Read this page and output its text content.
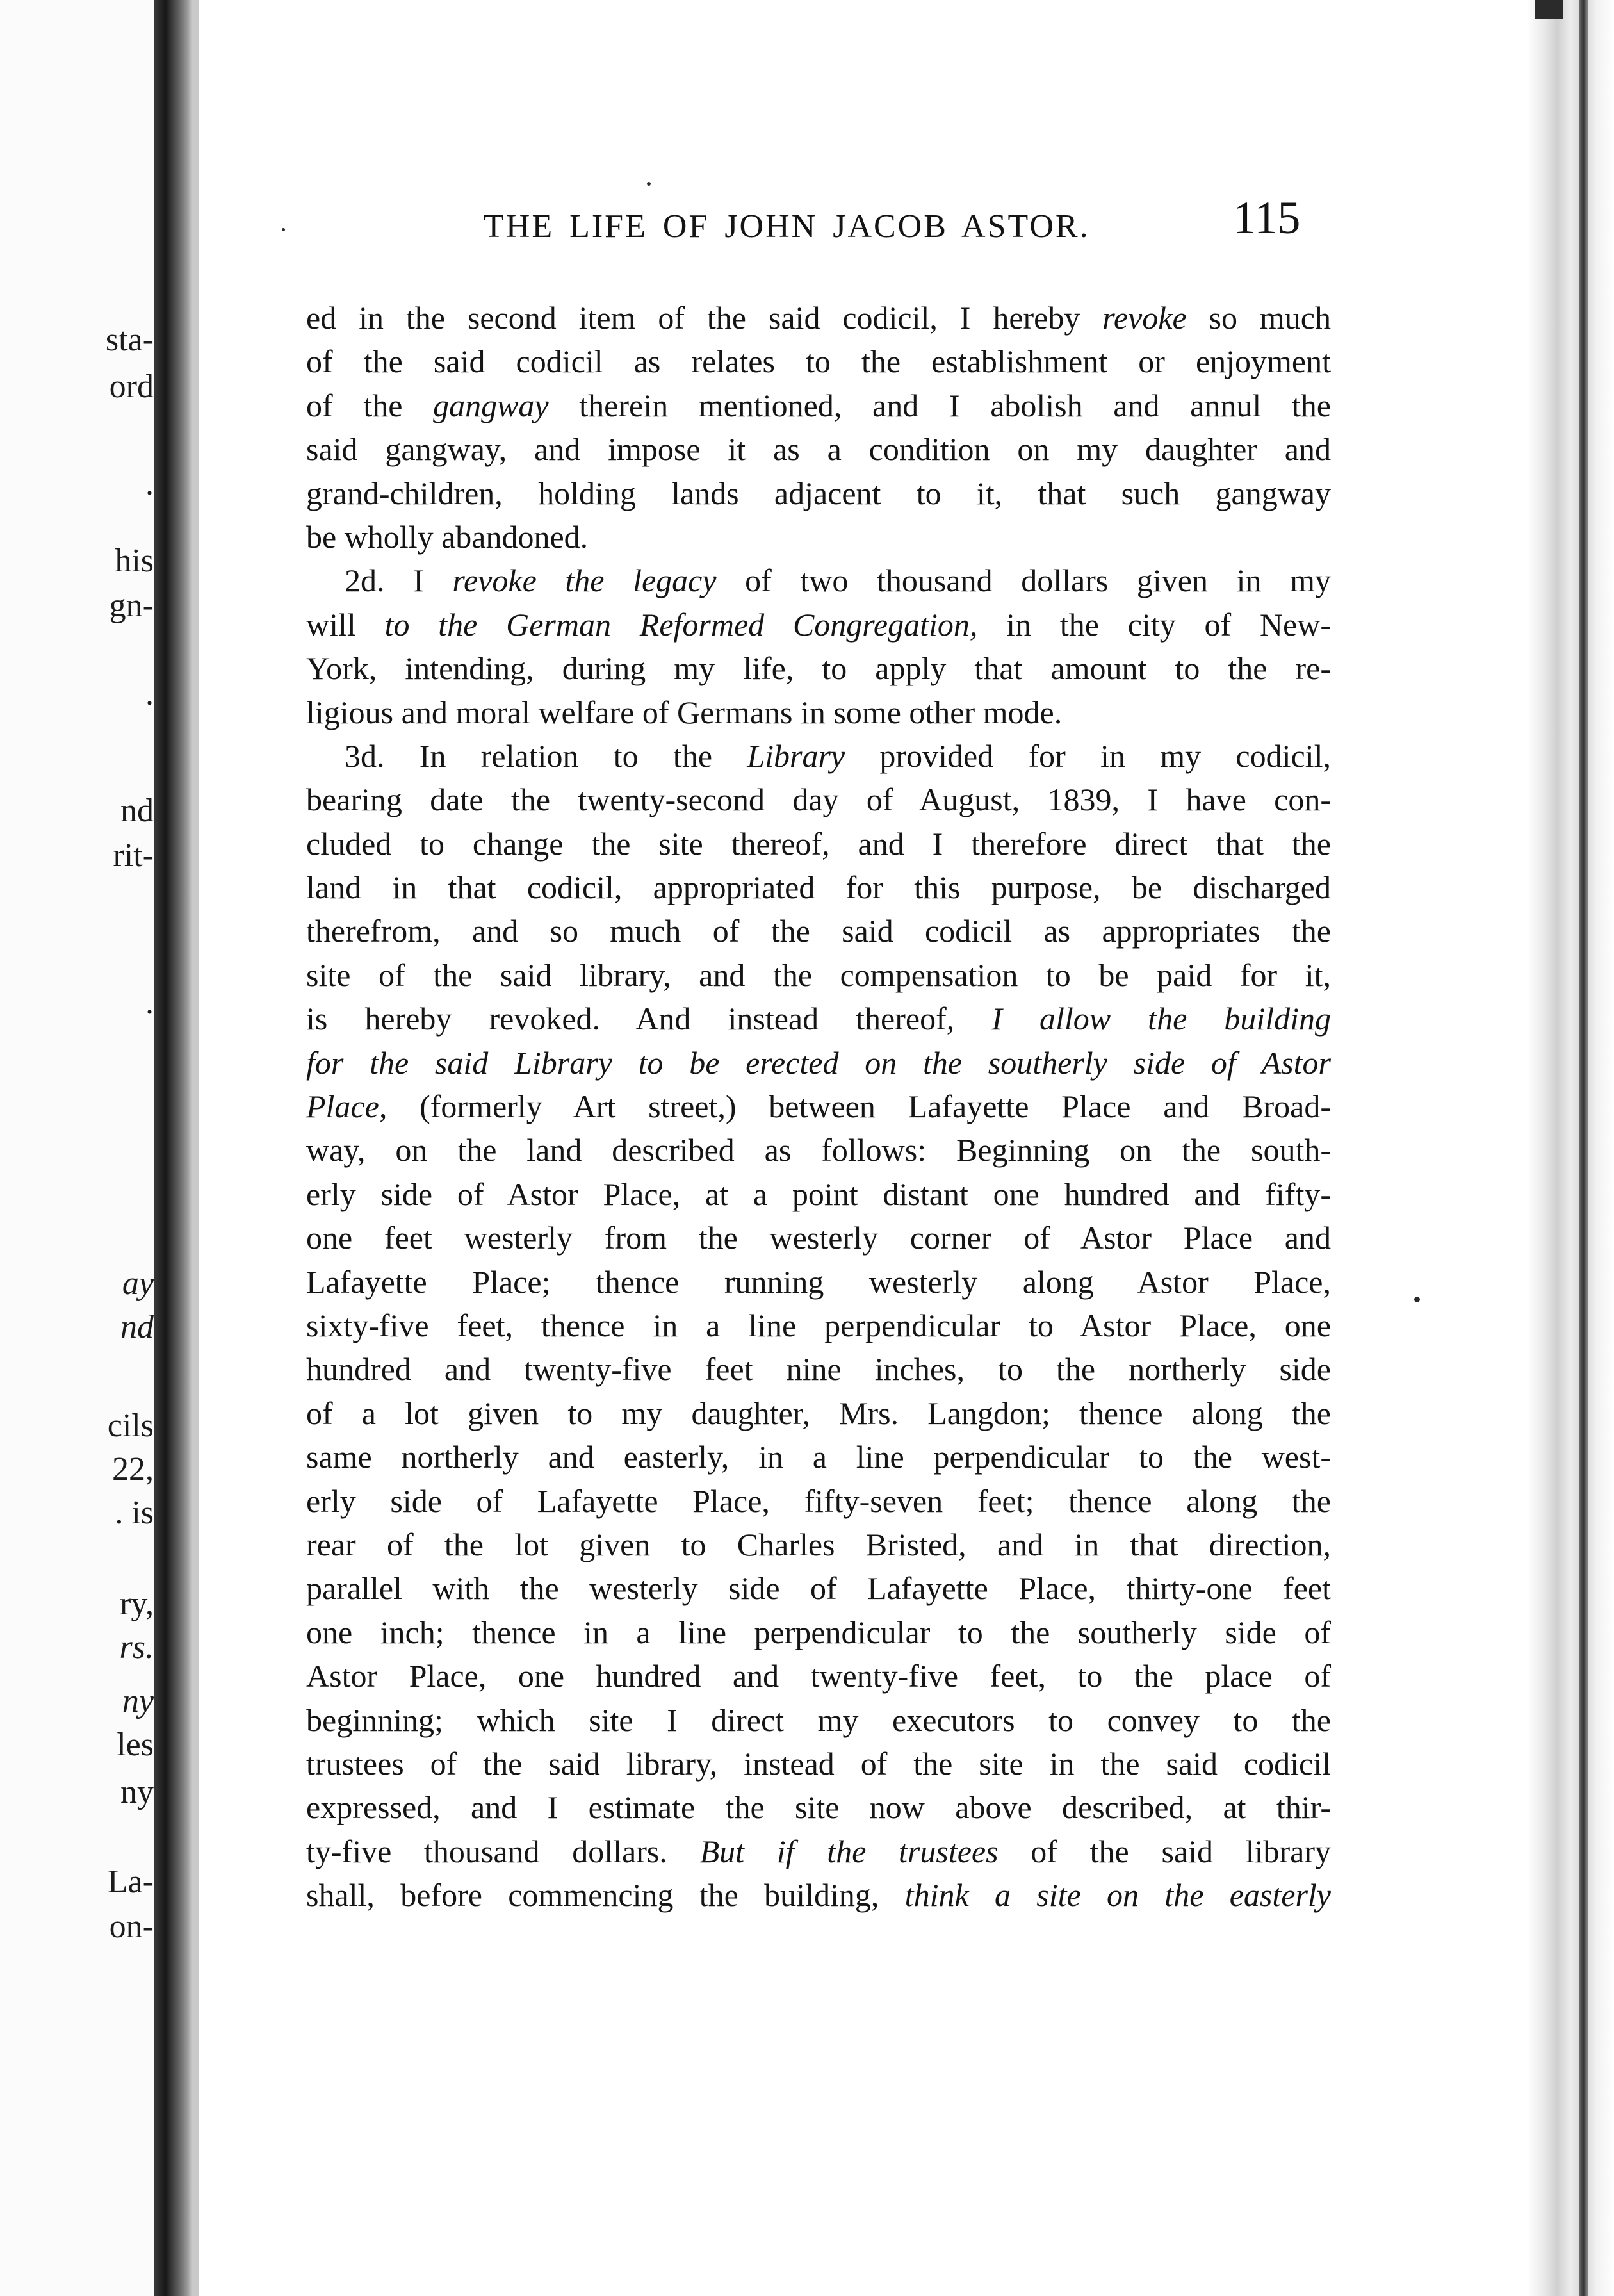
sta-
ord
.
his
gn-
.
nd
rit-
.
ay
nd
cils
22,
. is
ry,
rs.
ny
les
ny
La-
on-
THE LIFE OF JOHN JACOB ASTOR.	115
ed in the second item of the said codicil, I hereby revoke so much
of the said codicil as relates to the establishment or enjoyment
of the gangway therein mentioned, and I abolish and annul the
said gangway, and impose it as a condition on my daughter and
grand-children, holding lands adjacent to it, that such gangway
be wholly abandoned.
2d. I revoke the legacy of two thousand dollars given in my
will to the German Reformed Congregation, in the city of New-
York, intending, during my life, to apply that amount to the re-
ligious and moral welfare of Germans in some other mode.
3d. In relation to the Library provided for in my codicil,
bearing date the twenty-second day of August, 1839, I have con-
cluded to change the site thereof, and I therefore direct that the
land in that codicil, appropriated for this purpose, be discharged
therefrom, and so much of the said codicil as appropriates the
site of the said library, and the compensation to be paid for it,
is hereby revoked. And instead thereof, I allow the building
for the said Library to be erected on the southerly side of Astor
Place, (formerly Art street,) between Lafayette Place and Broad-
way, on the land described as follows: Beginning on the south-
erly side of Astor Place, at a point distant one hundred and fifty-
one feet westerly from the westerly corner of Astor Place and
Lafayette Place; thence running westerly along Astor Place,
sixty-five feet, thence in a line perpendicular to Astor Place, one
hundred and twenty-five feet nine inches, to the northerly side
of a lot given to my daughter, Mrs. Langdon; thence along the
same northerly and easterly, in a line perpendicular to the west-
erly side of Lafayette Place, fifty-seven feet; thence along the
rear of the lot given to Charles Bristed, and in that direction,
parallel with the westerly side of Lafayette Place, thirty-one feet
one inch; thence in a line perpendicular to the southerly side of
Astor Place, one hundred and twenty-five feet, to the place of
beginning; which site I direct my executors to convey to the
trustees of the said library, instead of the site in the said codicil
expressed, and I estimate the site now above described, at thir-
ty-five thousand dollars. But if the trustees of the said library
shall, before commencing the building, think a site on the easterly
